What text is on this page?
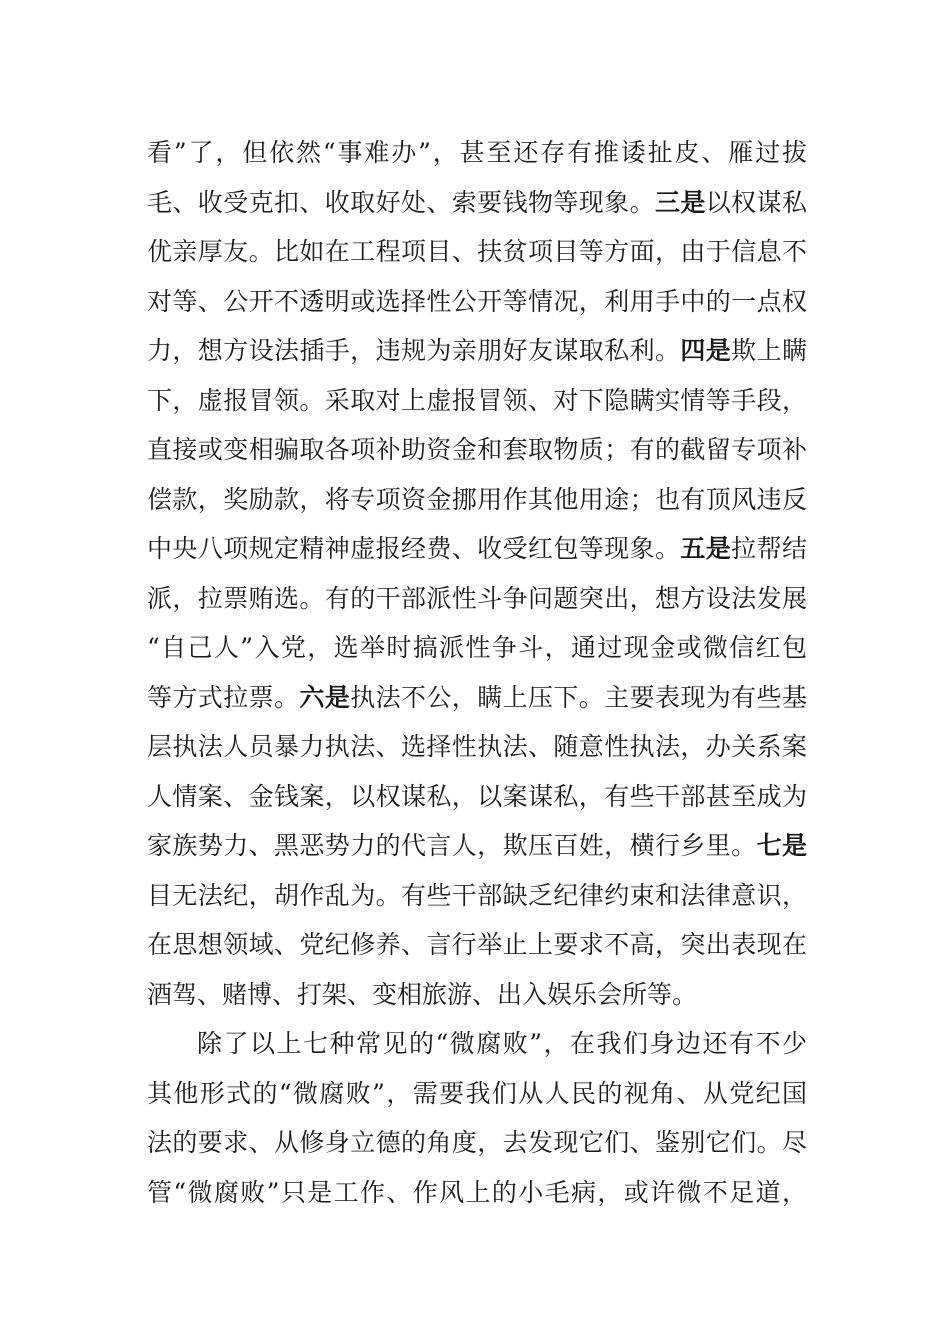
看”了，但依然“事难办”，甚至还存有推诿扯皮、雁过拔
毛、收受克扣、收取好处、索要钱物等现象。三是以权谋私
优亲厚友。比如在工程项目、扶贫项目等方面，由于信息不
对等、公开不透明或选择性公开等情况，利用手中的一点权
力，想方设法插手，违规为亲朋好友谋取私利。四是欺上瞒
下，虚报冒领。采取对上虚报冒领、对下隐瞒实情等手段，
直接或变相骗取各项补助资金和套取物质；有的截留专项补
偿款，奖励款，将专项资金挪用作其他用途；也有顶风违反
中央八项规定精神虚报经费、收受红包等现象。五是拉帮结
派，拉票贿选。有的干部派性斗争问题突出，想方设法发展
“自己人”入党，选举时搞派性争斗，通过现金或微信红包
等方式拉票。六是执法不公，瞒上压下。主要表现为有些基
层执法人员暴力执法、选择性执法、随意性执法，办关系案
人情案、金钱案，以权谋私，以案谋私，有些干部甚至成为
家族势力、黑恶势力的代言人，欺压百姓，横行乡里。七是
目无法纪，胡作乱为。有些干部缺乏纪律约束和法律意识，
在思想领域、党纪修养、言行举止上要求不高，突出表现在
酒驾、赌博、打架、变相旅游、出入娱乐会所等。
除了以上七种常见的“微腐败”，在我们身边还有不少
其他形式的“微腐败”，需要我们从人民的视角、从党纪国
法的要求、从修身立德的角度，去发现它们、鉴别它们。尽
管“微腐败”只是工作、作风上的小毛病，或许微不足道，
